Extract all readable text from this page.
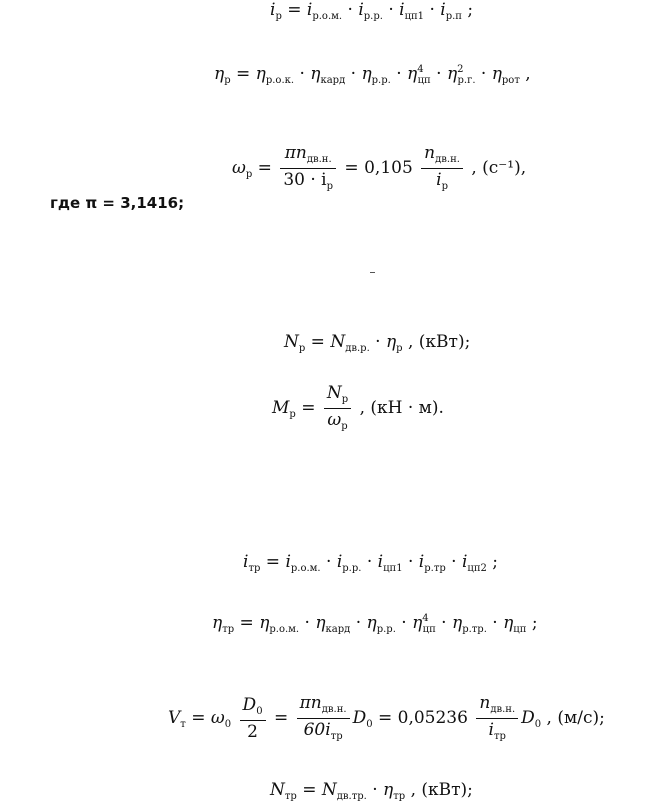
$i_р = i_{р.о.м.} \cdot i_{р.р.} \cdot i_{цп1} \cdot i_{р.п}$ ;
$\eta_р = \eta_{р.о.к.} \cdot \eta_{кард} \cdot \eta_{р.р.} \cdot \eta^4_{цп} \cdot \eta^2_{р.г.} \cdot \eta_{рот}$ ,
$\omega_р = \frac{\pi n_{дв.н.}}{30 \cdot i_р} = 0,105 \frac{n_{дв.н.}}{i_р}$ , (с⁻¹),
где π = 3,1416;
$N_р = N_{дв.р.} \cdot \eta_р$ , (кВт);
$M_р = \frac{N_р}{\omega_р}$ , (кН · м).
$i_{тр} = i_{р.о.м.} \cdot i_{р.р.} \cdot i_{цп1} \cdot i_{р.тр} \cdot i_{цп2}$ ;
$\eta_{тр} = \eta_{р.о.м.} \cdot \eta_{кард} \cdot \eta_{р.р.} \cdot \eta^4_{цп} \cdot \eta_{р.тр.} \cdot \eta_{цп}$ ;
$V_т = \omega_0 \frac{D_0}{2} = \frac{\pi n_{дв.н.}}{60i_{тр}} D_0 = 0,05236 \frac{n_{дв.н.}}{i_{тр}} D_0$ , (м/с);
$N_{тр} = N_{дв.тр.} \cdot \eta_{тр}$ , (кВт);
